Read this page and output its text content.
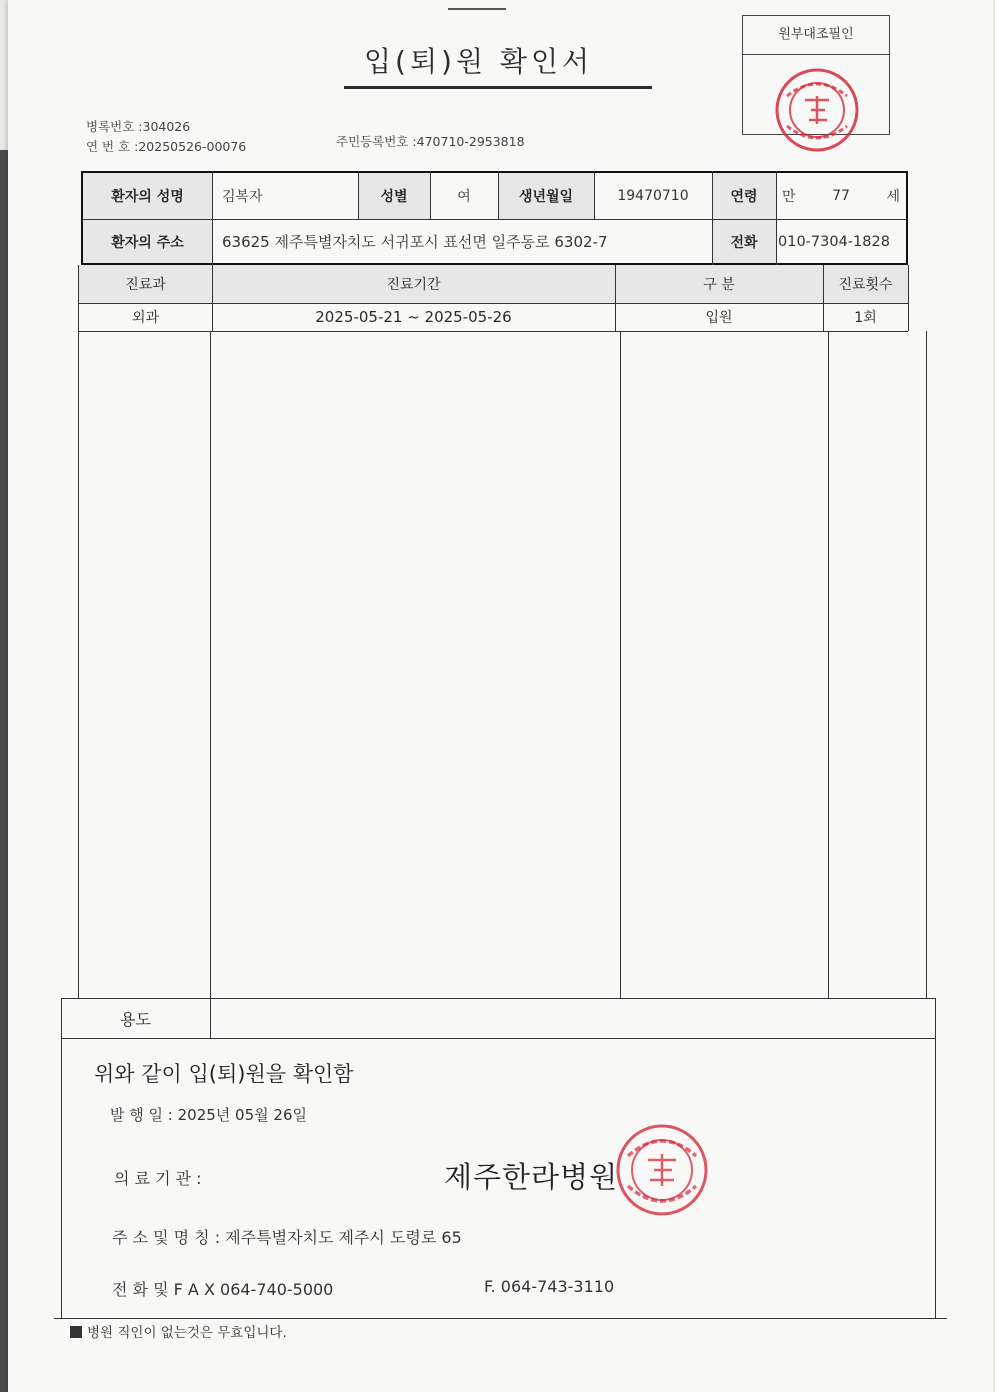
입(퇴)원 확인서
원부대조필인
병록번호 :304026
연 번 호 :20250526-00076	주민등록번호 :470710-2953818
환자의 성명	김복자	성별	여	생년월일	19470710	연령	만	77	세
환자의 주소	63625 제주특별자치도 서귀포시 표선면 일주동로 6302-7	전화	010-7304-1828
진료과	진료기간	구 분	진료횟수
외과	2025-05-21 ~ 2025-05-26	입원	1회
용도
위와 같이 입(퇴)원을 확인함
발 행 일 : 2025년 05월 26일
의 료 기 관 :	제주한라병원
주 소 및 명 칭 : 제주특별자치도 제주시 도령로 65
전 화 및 F A X 064-740-5000	F. 064-743-3110
병원 직인이 없는것은 무효입니다.
